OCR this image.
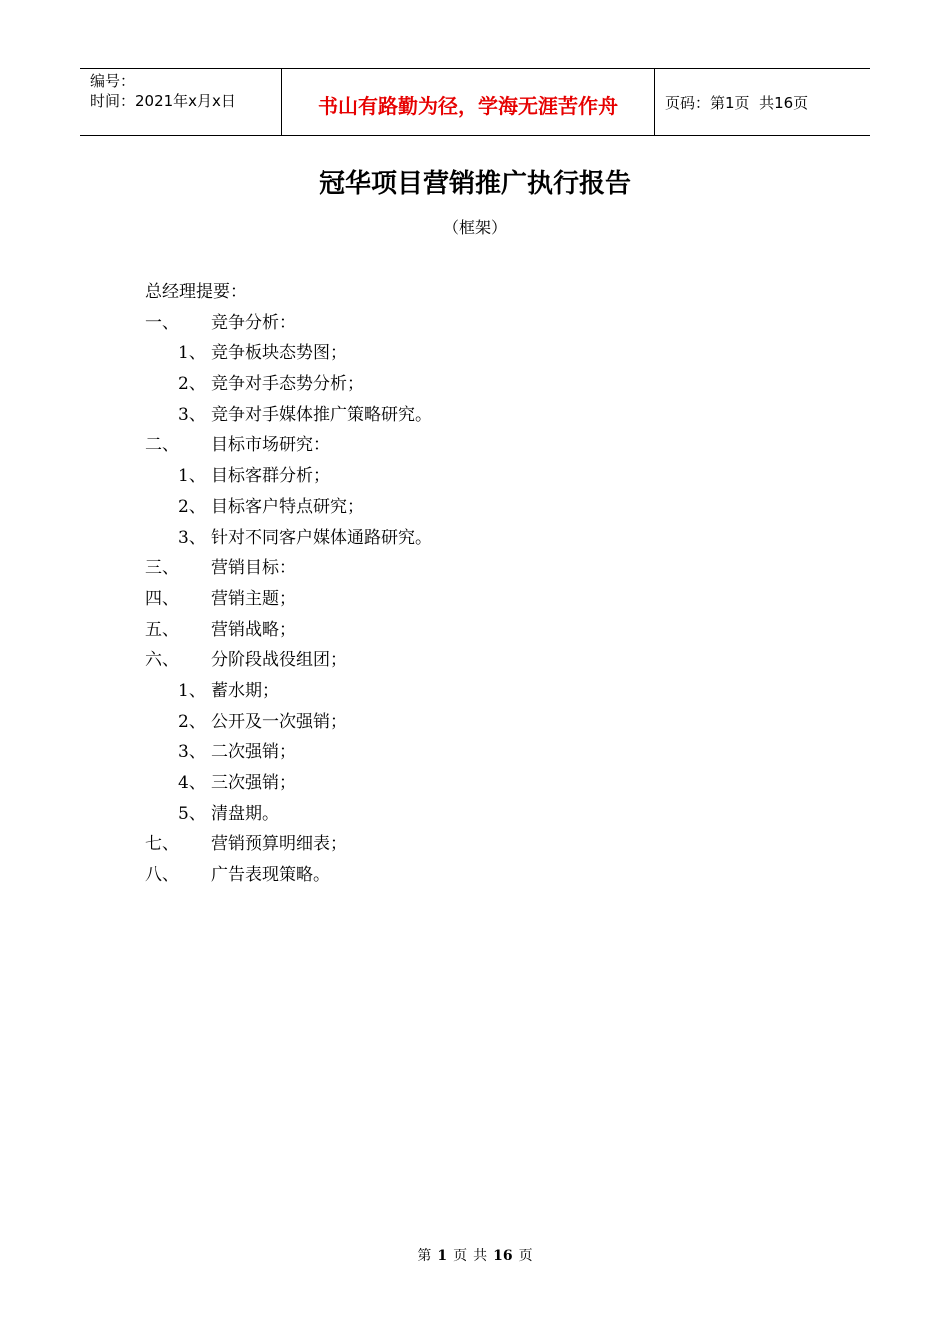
编号：
时间：2021年x月x日	书山有路勤为径，学海无涯苦作舟	页码：第1页  共16页
冠华项目营销推广执行报告
（框架）
总经理提要：
一、	竞争分析：
1、 竞争板块态势图；
2、 竞争对手态势分析；
3、 竞争对手媒体推广策略研究。
二、	目标市场研究：
1、 目标客群分析；
2、 目标客户特点研究；
3、 针对不同客户媒体通路研究。
三、	营销目标：
四、	营销主题；
五、	营销战略；
六、	分阶段战役组团；
1、 蓄水期；
2、 公开及一次强销；
3、 二次强销；
4、 三次强销；
5、 清盘期。
七、	营销预算明细表；
八、	广告表现策略。
第 1 页 共 16 页
